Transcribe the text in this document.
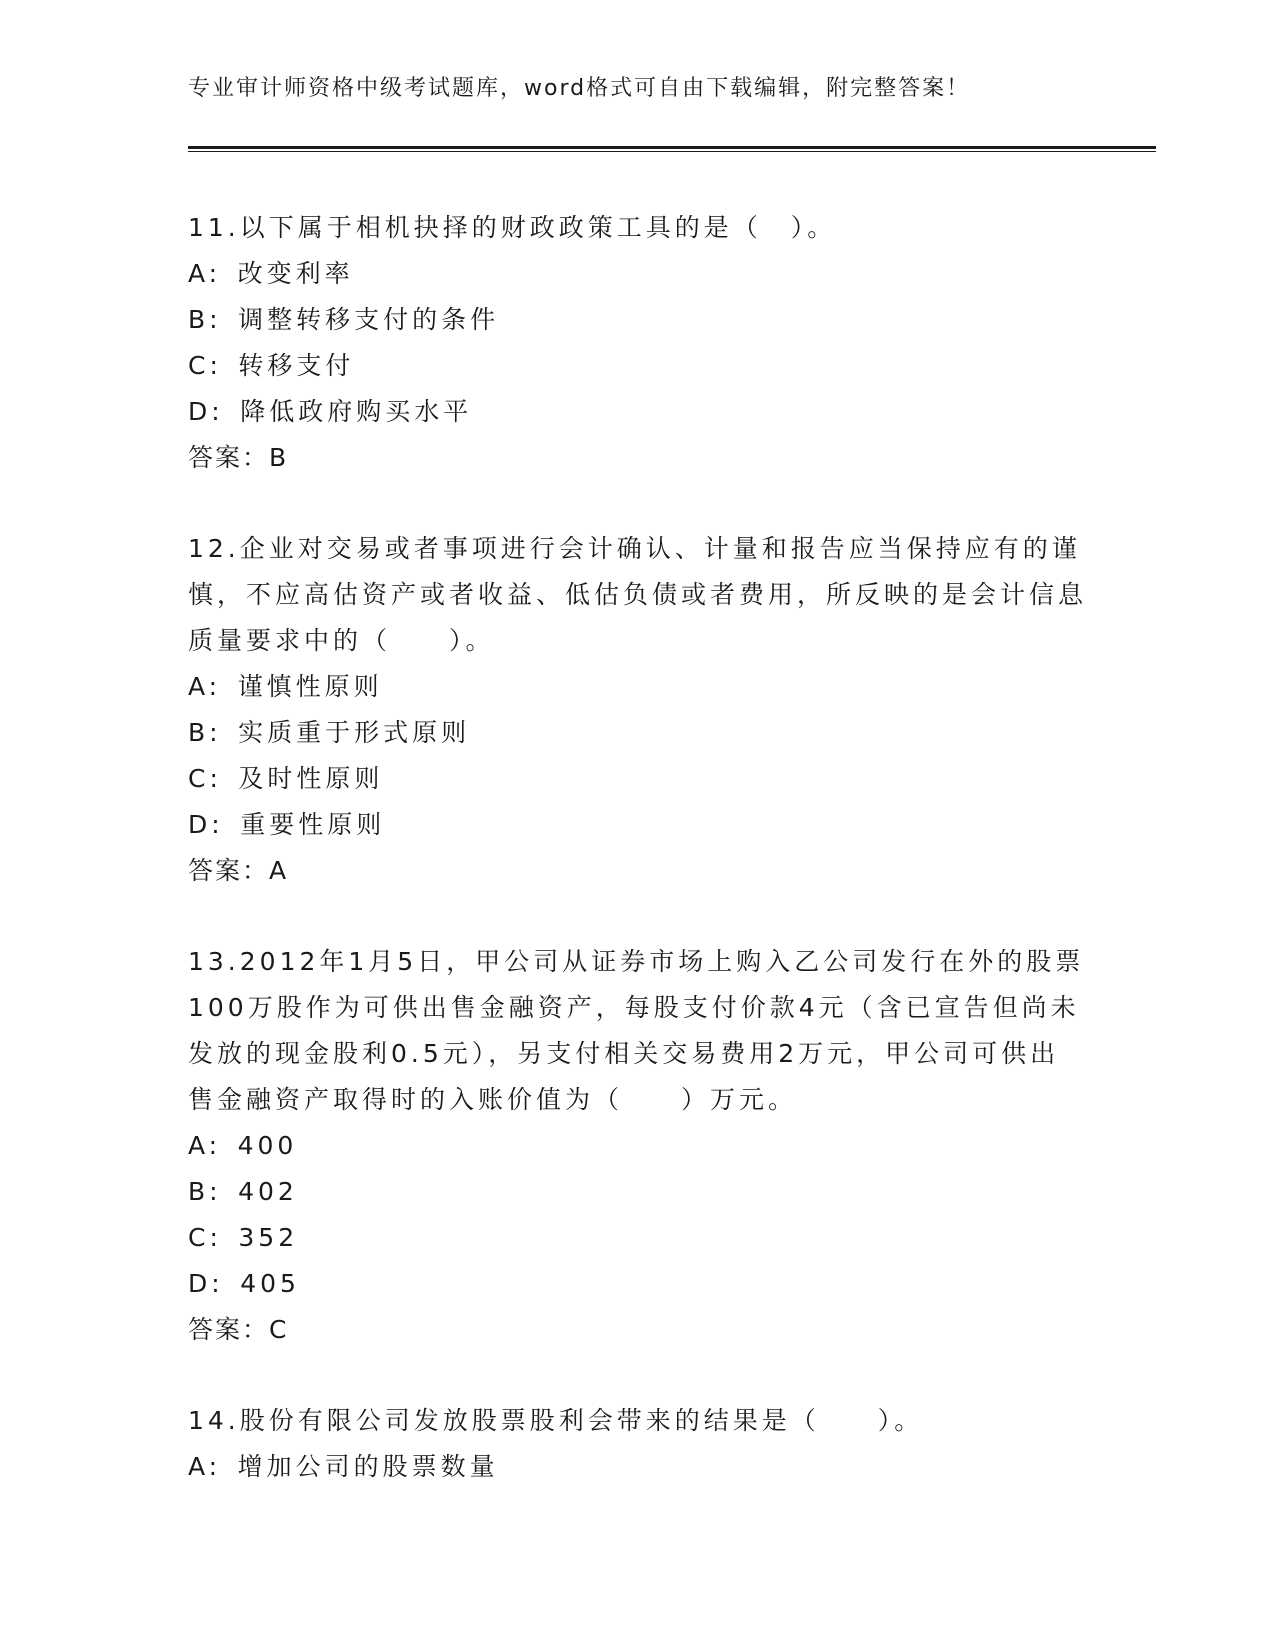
专业审计师资格中级考试题库，word格式可自由下载编辑，附完整答案！

11.以下属于相机抉择的财政政策工具的是（　）。

A:  改变利率

B:  调整转移支付的条件

C:  转移支付

D:  降低政府购买水平

答案：B

12.企业对交易或者事项进行会计确认、计量和报告应当保持应有的谨慎，不应高估资产或者收益、低估负债或者费用，所反映的是会计信息质量要求中的（　　）。

A:  谨慎性原则

B:  实质重于形式原则

C:  及时性原则

D:  重要性原则

答案：A

13.2012年1月5日，甲公司从证券市场上购入乙公司发行在外的股票100万股作为可供出售金融资产，每股支付价款4元（含已宣告但尚未发放的现金股利0.5元），另支付相关交易费用2万元，甲公司可供出售金融资产取得时的入账价值为（　　）万元。

A:  400

B:  402

C:  352

D:  405

答案：C

14.股份有限公司发放股票股利会带来的结果是（　　）。

A:  增加公司的股票数量
